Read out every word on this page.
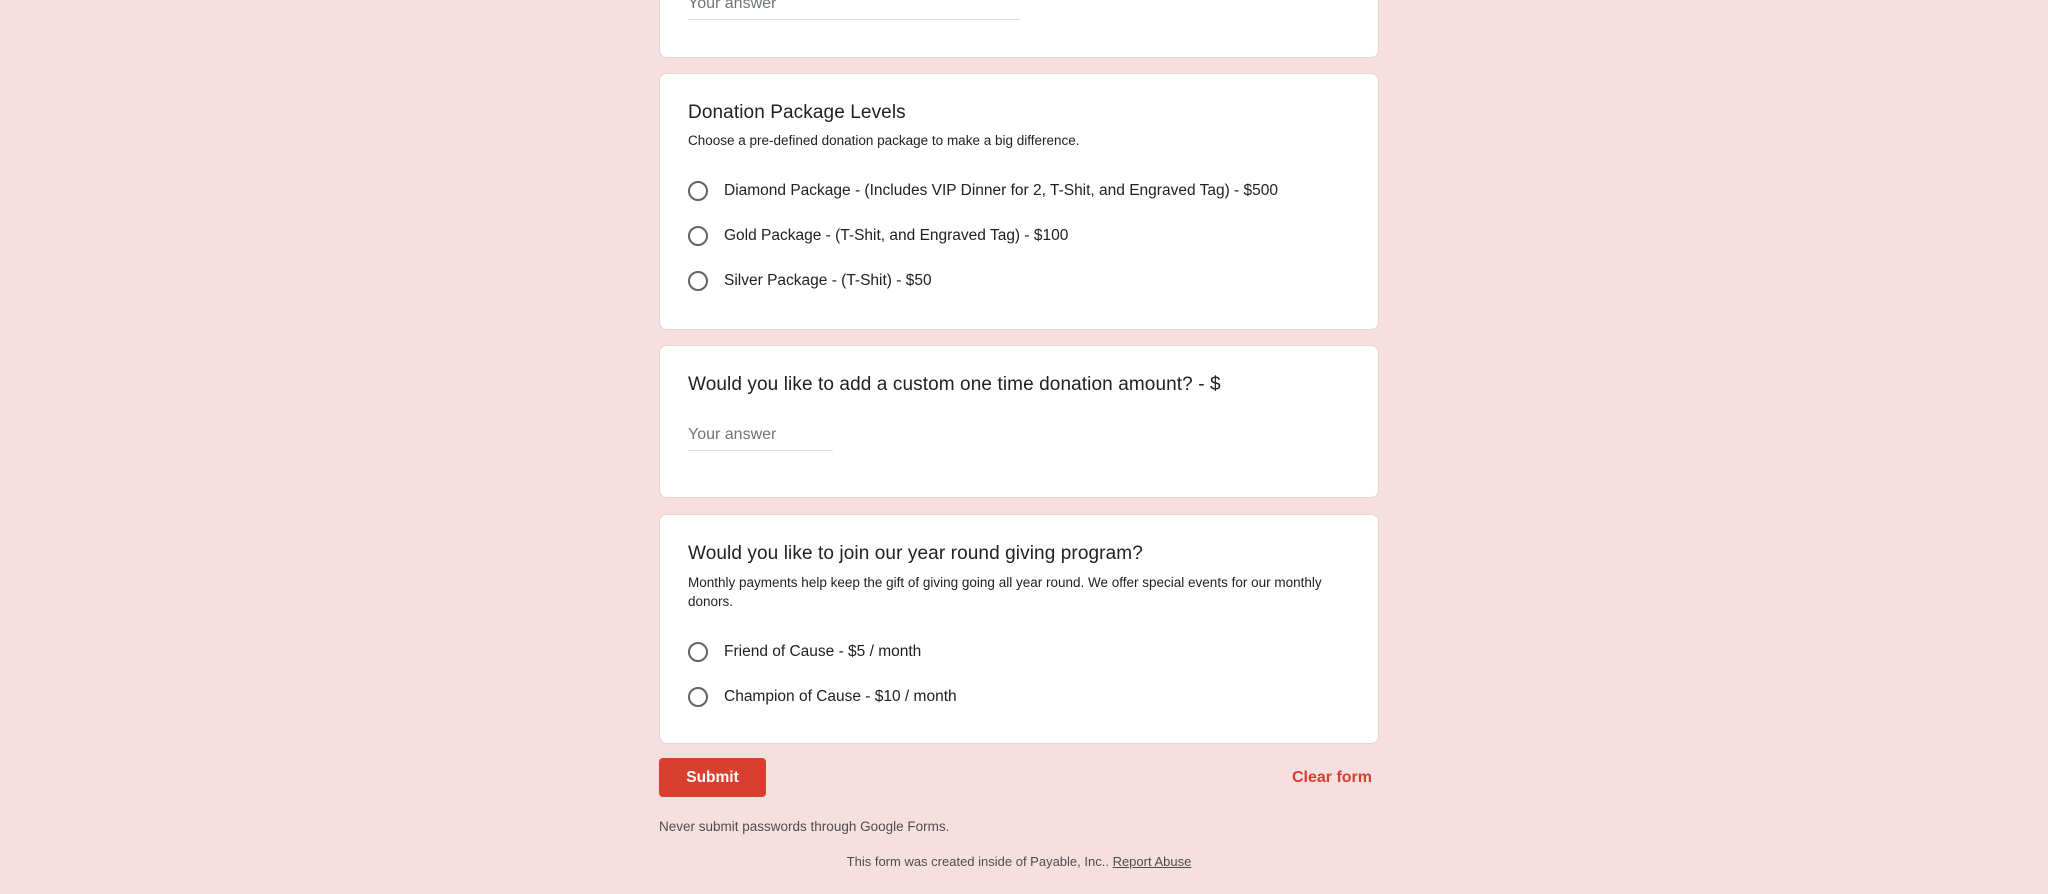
Your answer
Donation Package Levels
Choose a pre-defined donation package to make a big difference.
Diamond Package - (Includes VIP Dinner for 2, T-Shit, and Engraved Tag) - $500
Gold Package - (T-Shit, and Engraved Tag) - $100
Silver Package - (T-Shit) - $50
Would you like to add a custom one time donation amount? - $
Your answer
Would you like to join our year round giving program?
Monthly payments help keep the gift of giving going all year round. We offer special events for our monthly donors.
Friend of Cause - $5 / month
Champion of Cause - $10 / month
Submit	Clear form
Never submit passwords through Google Forms.
This form was created inside of Payable, Inc.. Report Abuse
